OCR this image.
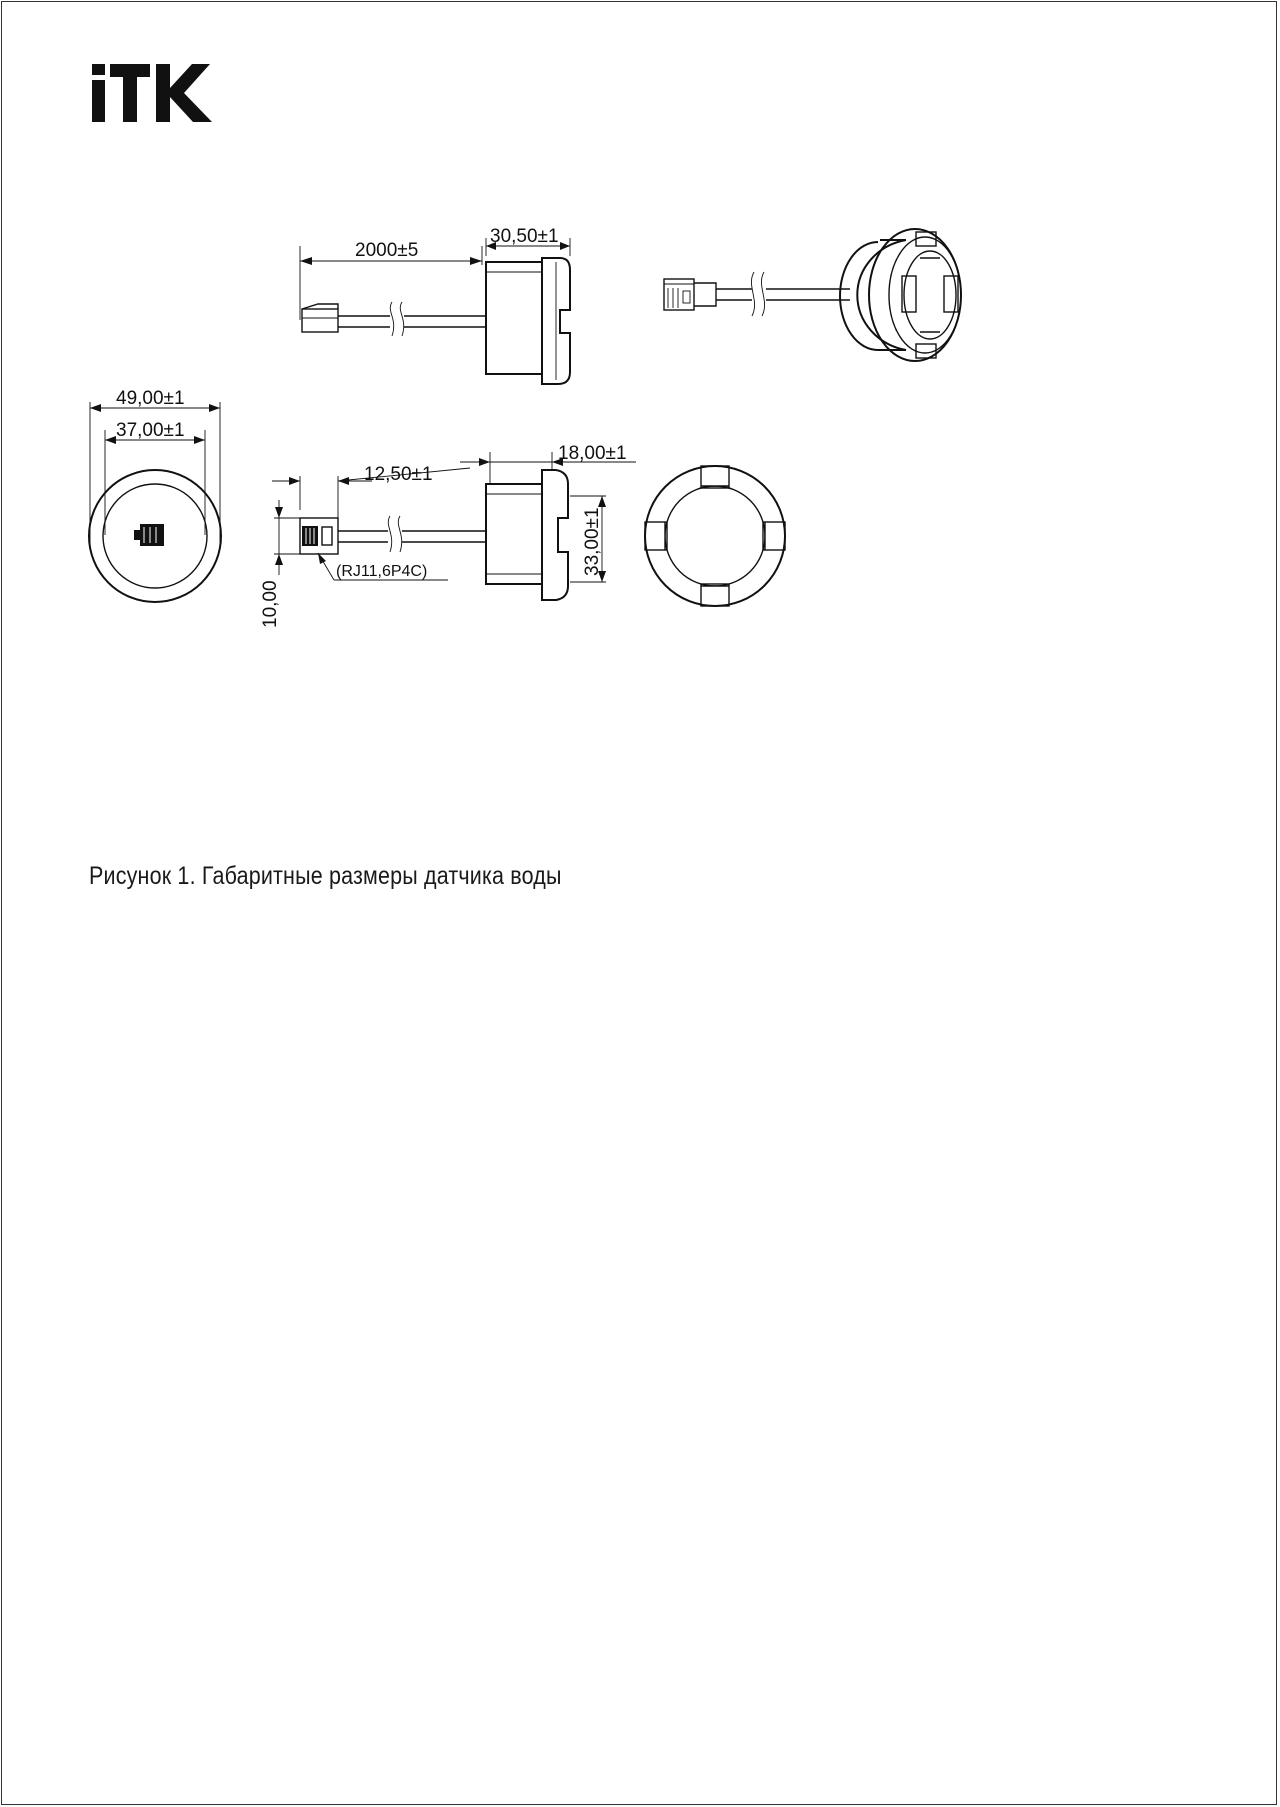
2000±5
30,50±1
49,00±1
37,00±1
12,50±1
18,00±1
10,00
(RJ11,6P4C)	33,00±1
Рисунок 1. Габаритные размеры датчика воды
